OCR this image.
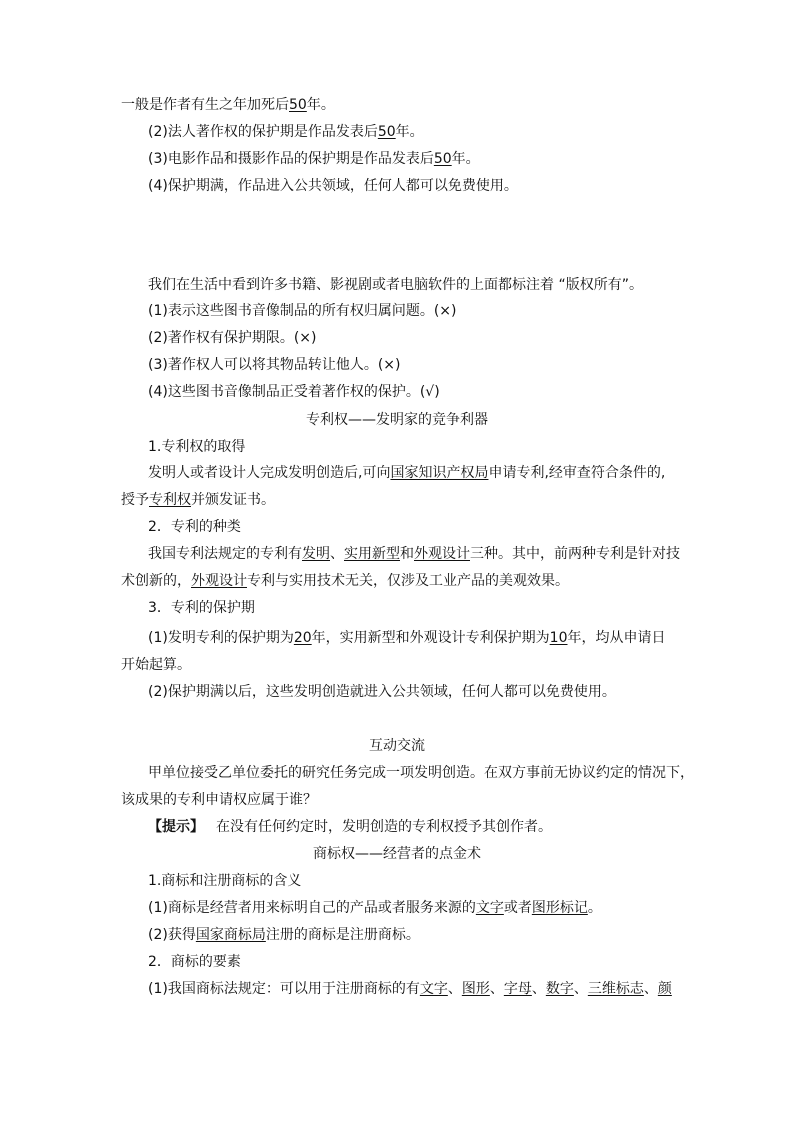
一般是作者有生之年加死后50年。
(2)法人著作权的保护期是作品发表后50年。
(3)电影作品和摄影作品的保护期是作品发表后50年。
(4)保护期满，作品进入公共领域，任何人都可以免费使用。
我们在生活中看到许多书籍、影视剧或者电脑软件的上面都标注着 “版权所有”。
(1)表示这些图书音像制品的所有权归属问题。(×)
(2)著作权有保护期限。(×)
(3)著作权人可以将其物品转让他人。(×)
(4)这些图书音像制品正受着著作权的保护。(√)
专利权——发明家的竞争利器
1.专利权的取得
发明人或者设计人完成发明创造后,可向国家知识产权局申请专利,经审查符合条件的,
授予专利权并颁发证书。
2．专利的种类
我国专利法规定的专利有发明、实用新型和外观设计三种。其中，前两种专利是针对技
术创新的，外观设计专利与实用技术无关，仅涉及工业产品的美观效果。
3．专利的保护期
(1)发明专利的保护期为20年，实用新型和外观设计专利保护期为10年，均从申请日
开始起算。
(2)保护期满以后，这些发明创造就进入公共领域，任何人都可以免费使用。
互动交流
甲单位接受乙单位委托的研究任务完成一项发明创造。在双方事前无协议约定的情况下，
该成果的专利申请权应属于谁？
【提示】 在没有任何约定时，发明创造的专利权授予其创作者。
商标权——经营者的点金术
1.商标和注册商标的含义
(1)商标是经营者用来标明自己的产品或者服务来源的文字或者图形标记。
(2)获得国家商标局注册的商标是注册商标。
2．商标的要素
(1)我国商标法规定：可以用于注册商标的有文字、图形、字母、数字、三维标志、颜
